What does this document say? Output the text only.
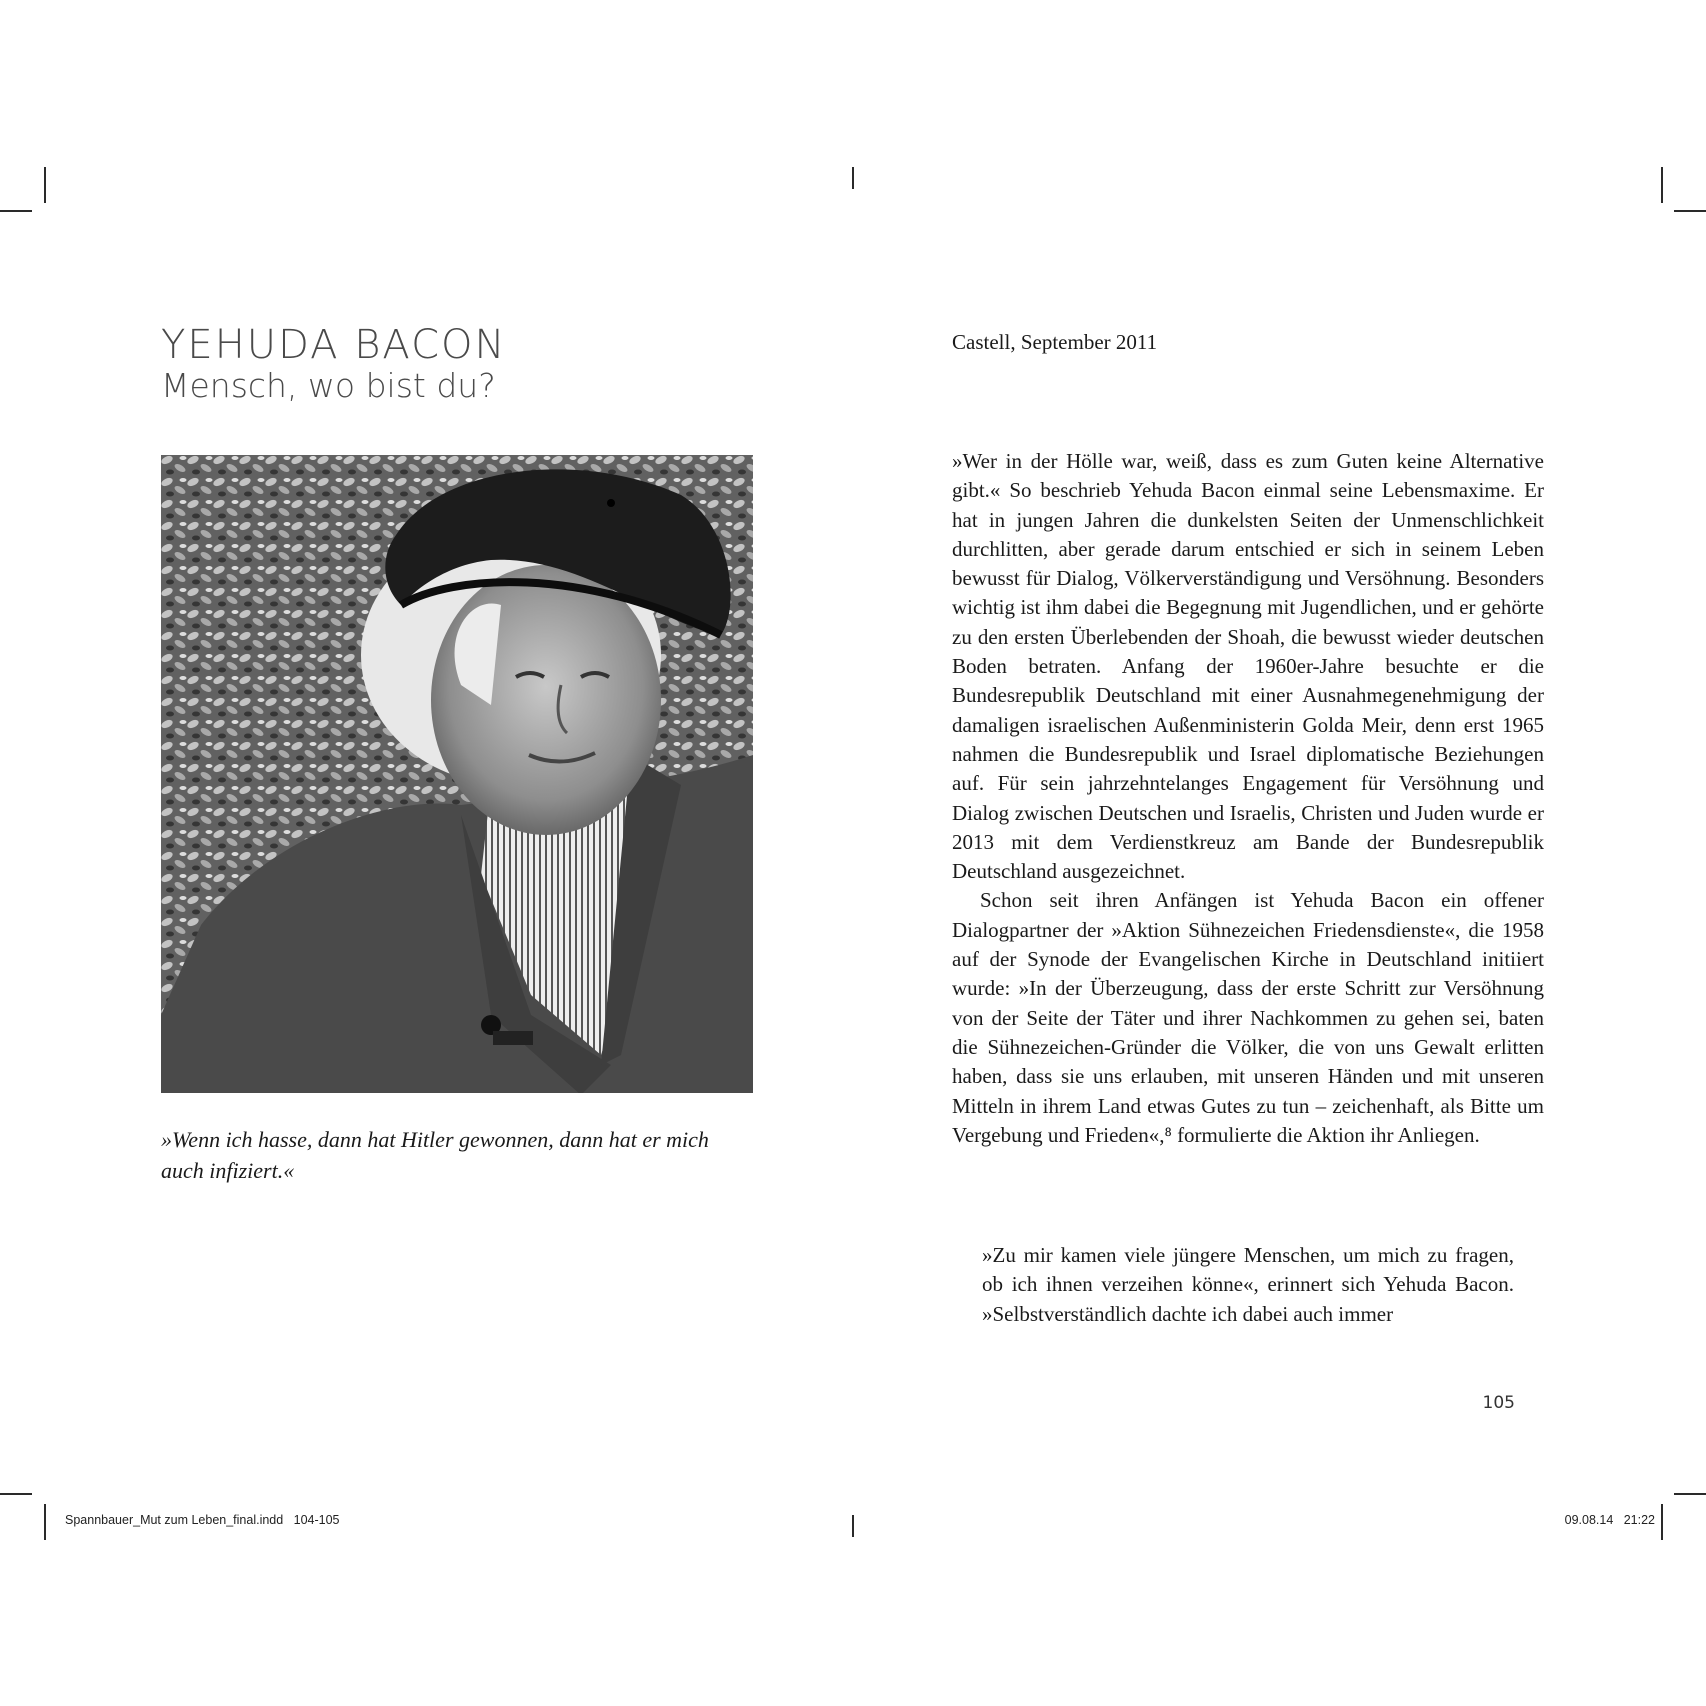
YEHUDA BACON
Mensch, wo bist du?
»Wenn ich hasse, dann hat Hitler gewonnen, dann hat er mich auch infiziert.«
Castell, September 2011

»Wer in der Hölle war, weiß, dass es zum Guten keine Alternative gibt.« So beschrieb Yehuda Bacon einmal seine Lebensmaxime. Er hat in jungen Jahren die dunkelsten Seiten der Unmenschlichkeit durchlitten, aber gerade darum entschied er sich in seinem Leben bewusst für Dialog, Völkerverständigung und Versöhnung. Besonders wichtig ist ihm dabei die Begegnung mit Jugendlichen, und er gehörte zu den ersten Überlebenden der Shoah, die bewusst wieder deutschen Boden betraten. Anfang der 1960er-Jahre besuchte er die Bundesrepublik Deutschland mit einer Ausnahmegenehmigung der damaligen israelischen Außenministerin Golda Meir, denn erst 1965 nahmen die Bundesrepublik und Israel diplomatische Beziehungen auf. Für sein jahrzehntelanges Engagement für Versöhnung und Dialog zwischen Deutschen und Israelis, Christen und Juden wurde er 2013 mit dem Verdienstkreuz am Bande der Bundesrepublik Deutschland ausgezeichnet.

Schon seit ihren Anfängen ist Yehuda Bacon ein offener Dialogpartner der »Aktion Sühnezeichen Friedensdienste«, die 1958 auf der Synode der Evangelischen Kirche in Deutschland initiiert wurde: »In der Überzeugung, dass der erste Schritt zur Versöhnung von der Seite der Täter und ihrer Nachkommen zu gehen sei, baten die Sühnezeichen-Gründer die Völker, die von uns Gewalt erlitten haben, dass sie uns erlauben, mit unseren Händen und mit unseren Mitteln in ihrem Land etwas Gutes zu tun – zeichenhaft, als Bitte um Vergebung und Frieden«,⁸ formulierte die Aktion ihr Anliegen.

»Zu mir kamen viele jüngere Menschen, um mich zu fragen, ob ich ihnen verzeihen könne«, erinnert sich Yehuda Bacon. »Selbstverständlich dachte ich dabei auch immer
105
Spannbauer_Mut zum Leben_final.indd   104-105	09.08.14   21:22
